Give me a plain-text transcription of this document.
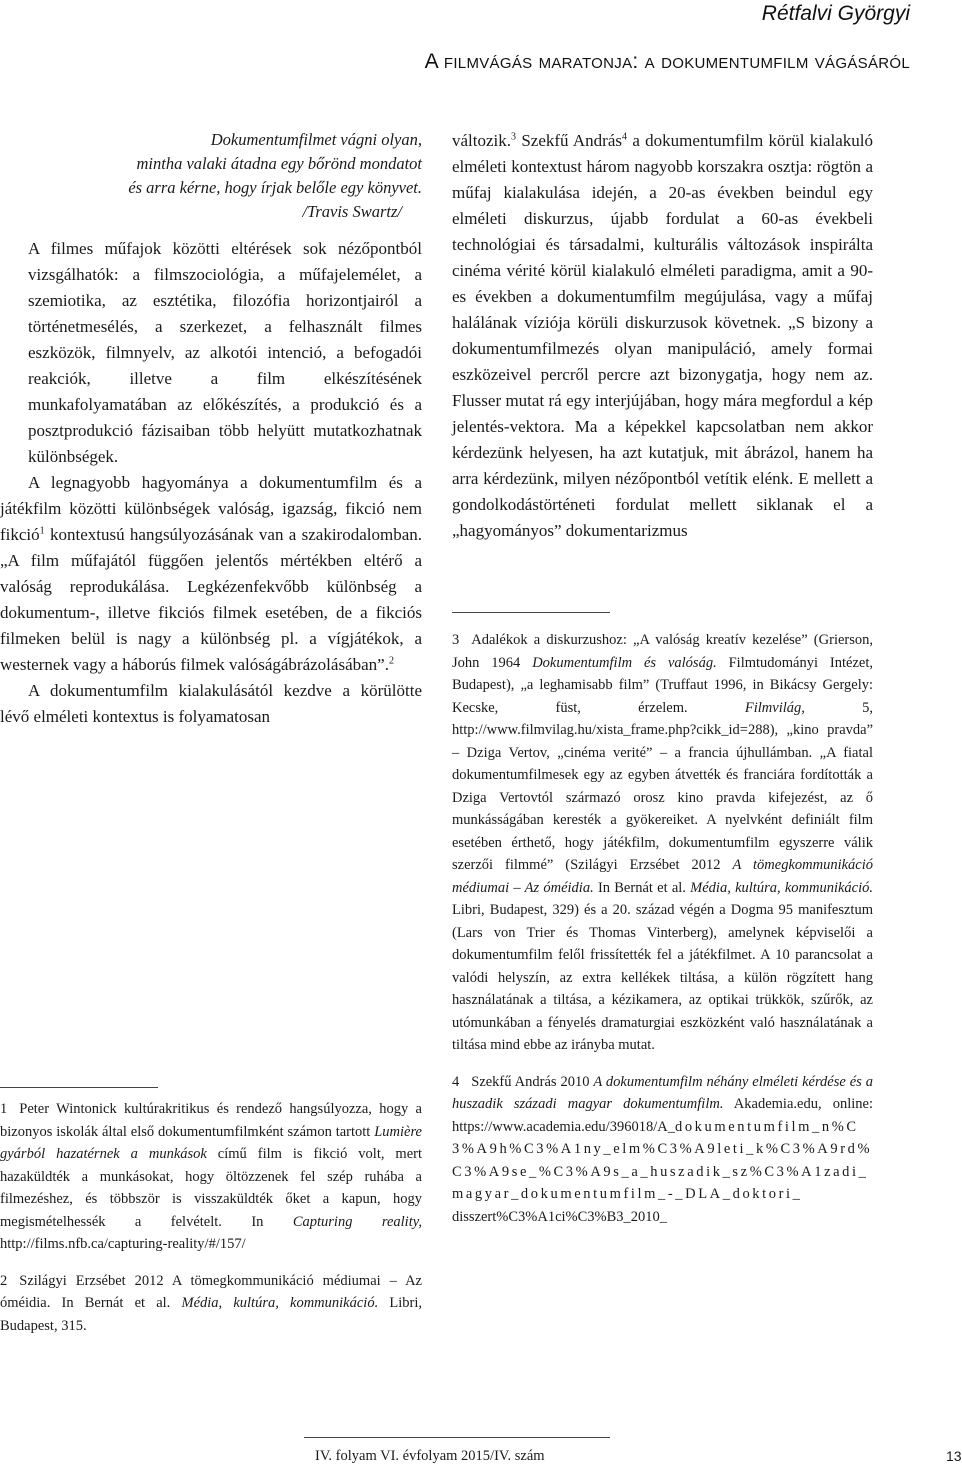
Rétfalvi Györgyi
A filmvágás maratonja: a dokumentumfilm vágásáról

Dokumentumfilmet vágni olyan,

mintha valaki átadna egy bőrönd mondatot

és arra kérne, hogy írjak belőle egy könyvet.

/Travis Swartz/

A filmes műfajok közötti eltérések sok nézőpontból vizsgálhatók: a filmszociológia, a műfajelemélet, a szemiotika, az esztétika, filozófia horizontjairól a történetmesélés, a szerkezet, a felhasznált filmes eszközök, filmnyelv, az alkotói intenció, a befogadói reakciók, illetve a film elkészítésének munkafolyamatában az előkészítés, a produkció és a posztprodukció fázisaiban több helyütt mutatkozhatnak különbségek.

A legnagyobb hagyománya a dokumentumfilm és a játékfilm közötti különbségek valóság, igazság, fikció nem fikció$^1$ kontextusú hangsúlyozásának van a szakirodalomban. „A film műfajától függően jelentős mértékben eltérő a valóság reprodukálása. Legkézenfekvőbb különbség a dokumentum-, illetve fikciós filmek esetében, de a fikciós filmeken belül is nagy a különbség pl. a vígjátékok, a westernek vagy a háborús filmek valóságábrázolásában”.$^2$

A dokumentumfilm kialakulásától kezdve a körülötte lévő elméleti kontextus is folyamatosan

1 Peter Wintonick kultúrakritikus és rendező hangsúlyozza, hogy a bizonyos iskolák által első dokumentumfilmként számon tartott Lumière gyárból hazatérnek a munkások című film is fikció volt, mert hazaküldték a munkásokat, hogy öltözzenek fel szép ruhába a filmezéshez, és többször is visszaküldték őket a kapun, hogy megismételhessék a felvételt. In Capturing reality, http://films.nfb.ca/capturing-reality/#/157/

2 Szilágyi Erzsébet 2012 A tömegkommunikáció médiumai – Az óméidia. In Bernát et al. Média, kultúra, kommunikáció. Libri, Budapest, 315.

változik.$^3$ Szekfű András$^4$ a dokumentumfilm körül kialakuló elméleti kontextust három nagyobb korszakra osztja: rögtön a műfaj kialakulása idején, a 20-as években beindul egy elméleti diskurzus, újabb fordulat a 60-as évekbeli technológiai és társadalmi, kulturális változások inspirálta cinéma vérité körül kialakuló elméleti paradigma, amit a 90-es években a dokumentumfilm megújulása, vagy a műfaj halálának víziója körüli diskurzusok követnek. „S bizony a dokumentumfilmezés olyan manipuláció, amely formai eszközeivel percről percre azt bizonygatja, hogy nem az. Flusser mutat rá egy interjújában, hogy mára megfordul a kép jelentés-vektora. Ma a képekkel kapcsolatban nem akkor kérdezünk helyesen, ha azt kutatjuk, mit ábrázol, hanem ha arra kérdezünk, milyen nézőpontból vetítik elénk. E mellett a gondolkodástörténeti fordulat mellett siklanak el a „hagyományos” dokumentarizmus

3 Adalékok a diskurzushoz: „A valóság kreatív kezelése” (Grierson, John 1964 Dokumentumfilm és valóság. Filmtudományi Intézet, Budapest), „a leghamisabb film” (Truffaut 1996, in Bikácsy Gergely: Kecske, füst, érzelem. Filmvilág, 5, http://www.filmvilag.hu/xista_frame.php?cikk_id=288), „kino pravda” – Dziga Vertov, „cinéma verité” – a francia újhullámban. „A fiatal dokumentumfilmesek egy az egyben átvették és franciára fordították a Dziga Vertovtól származó orosz kino pravda kifejezést, az ő munkásságában keresték a gyökereiket. A nyelvként definiált film esetében érthető, hogy játékfilm, dokumentumfilm egyszerre válik szerzői filmmé” (Szilágyi Erzsébet 2012 A tömegkommunikáció médiumai – Az óméidia. In Bernát et al. Média, kultúra, kommunikáció. Libri, Budapest, 329) és a 20. század végén a Dogma 95 manifesztum (Lars von Trier és Thomas Vinterberg), amelynek képviselői a dokumentumfilm felől frissítették fel a játékfilmet. A 10 parancsolat a valódi helyszín, az extra kellékek tiltása, a külön rögzített hang használatának a tiltása, a kézikamera, az optikai trükkök, szűrők, az utómunkában a fényelés dramaturgiai eszközként való használatának a tiltása mind ebbe az irányba mutat.

4 Szekfű András 2010 A dokumentumfilm néhány elméleti kérdése és a huszadik századi magyar dokumentumfilm. Akademia.edu, online: https://www.academia.edu/396018/A_dokumentumfilm_n%C3%A9h%C3%A1ny_elm%C3%A9leti_k%C3%A9rd%C3%A9se_%C3%A9s_a_huszadik_sz%C3%A1zadi_magyar_dokumentumfilm_-_DLA_doktori_disszert%C3%A1ci%C3%B3_2010_

IV. folyam VI. évfolyam 2015/IV. szám	13
